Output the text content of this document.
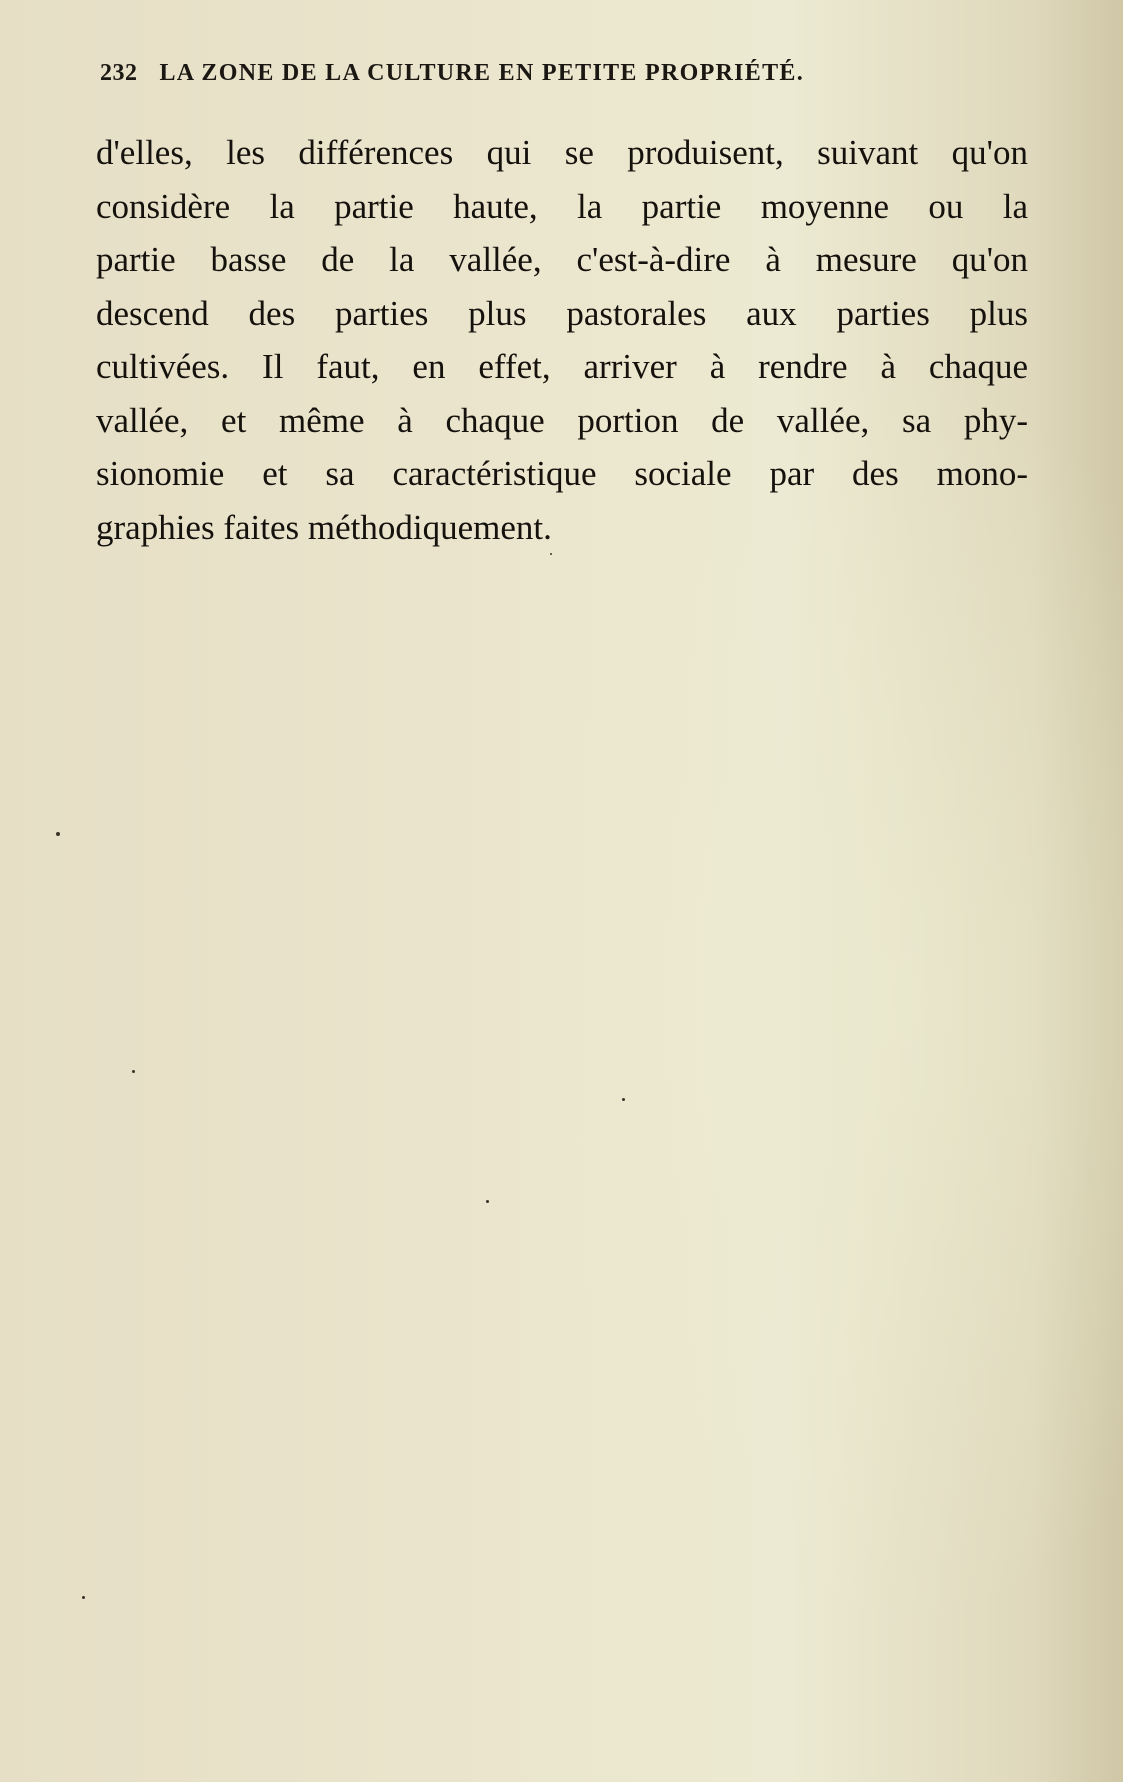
232 LA ZONE DE LA CULTURE EN PETITE PROPRIÉTÉ.
d'elles, les différences qui se produisent, suivant qu'on
considère la partie haute, la partie moyenne ou la
partie basse de la vallée, c'est-à-dire à mesure qu'on
descend des parties plus pastorales aux parties plus
cultivées. Il faut, en effet, arriver à rendre à chaque
vallée, et même à chaque portion de vallée, sa phy-
sionomie et sa caractéristique sociale par des mono-
graphies faites méthodiquement.
